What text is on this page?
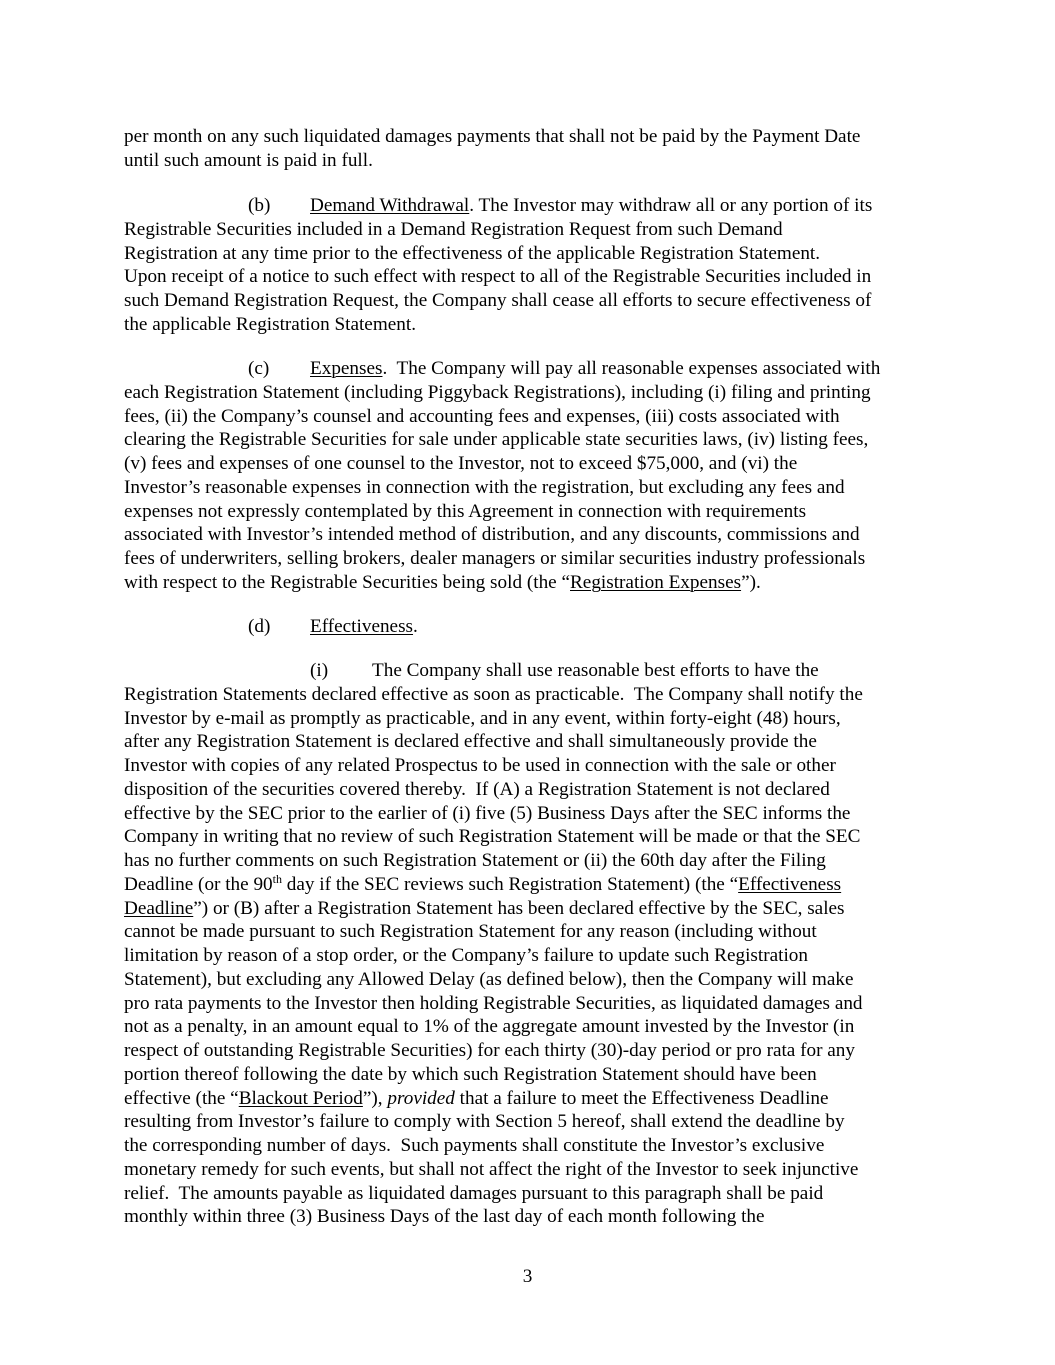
per month on any such liquidated damages payments that shall not be paid by the Payment Date
until such amount is paid in full.
(b) Demand Withdrawal. The Investor may withdraw all or any portion of its
Registrable Securities included in a Demand Registration Request from such Demand
Registration at any time prior to the effectiveness of the applicable Registration Statement.
Upon receipt of a notice to such effect with respect to all of the Registrable Securities included in
such Demand Registration Request, the Company shall cease all efforts to secure effectiveness of
the applicable Registration Statement.
(c) Expenses.  The Company will pay all reasonable expenses associated with
each Registration Statement (including Piggyback Registrations), including (i) filing and printing
fees, (ii) the Company’s counsel and accounting fees and expenses, (iii) costs associated with
clearing the Registrable Securities for sale under applicable state securities laws, (iv) listing fees,
(v) fees and expenses of one counsel to the Investor, not to exceed $75,000, and (vi) the
Investor’s reasonable expenses in connection with the registration, but excluding any fees and
expenses not expressly contemplated by this Agreement in connection with requirements
associated with Investor’s intended method of distribution, and any discounts, commissions and
fees of underwriters, selling brokers, dealer managers or similar securities industry professionals
with respect to the Registrable Securities being sold (the “Registration Expenses”).
(d) Effectiveness.
(i) The Company shall use reasonable best efforts to have the
Registration Statements declared effective as soon as practicable.  The Company shall notify the
Investor by e-mail as promptly as practicable, and in any event, within forty-eight (48) hours,
after any Registration Statement is declared effective and shall simultaneously provide the
Investor with copies of any related Prospectus to be used in connection with the sale or other
disposition of the securities covered thereby.  If (A) a Registration Statement is not declared
effective by the SEC prior to the earlier of (i) five (5) Business Days after the SEC informs the
Company in writing that no review of such Registration Statement will be made or that the SEC
has no further comments on such Registration Statement or (ii) the 60th day after the Filing
Deadline (or the 90th day if the SEC reviews such Registration Statement) (the “Effectiveness
Deadline”) or (B) after a Registration Statement has been declared effective by the SEC, sales
cannot be made pursuant to such Registration Statement for any reason (including without
limitation by reason of a stop order, or the Company’s failure to update such Registration
Statement), but excluding any Allowed Delay (as defined below), then the Company will make
pro rata payments to the Investor then holding Registrable Securities, as liquidated damages and
not as a penalty, in an amount equal to 1% of the aggregate amount invested by the Investor (in
respect of outstanding Registrable Securities) for each thirty (30)-day period or pro rata for any
portion thereof following the date by which such Registration Statement should have been
effective (the “Blackout Period”), provided that a failure to meet the Effectiveness Deadline
resulting from Investor’s failure to comply with Section 5 hereof, shall extend the deadline by
the corresponding number of days.  Such payments shall constitute the Investor’s exclusive
monetary remedy for such events, but shall not affect the right of the Investor to seek injunctive
relief.  The amounts payable as liquidated damages pursuant to this paragraph shall be paid
monthly within three (3) Business Days of the last day of each month following the
3
